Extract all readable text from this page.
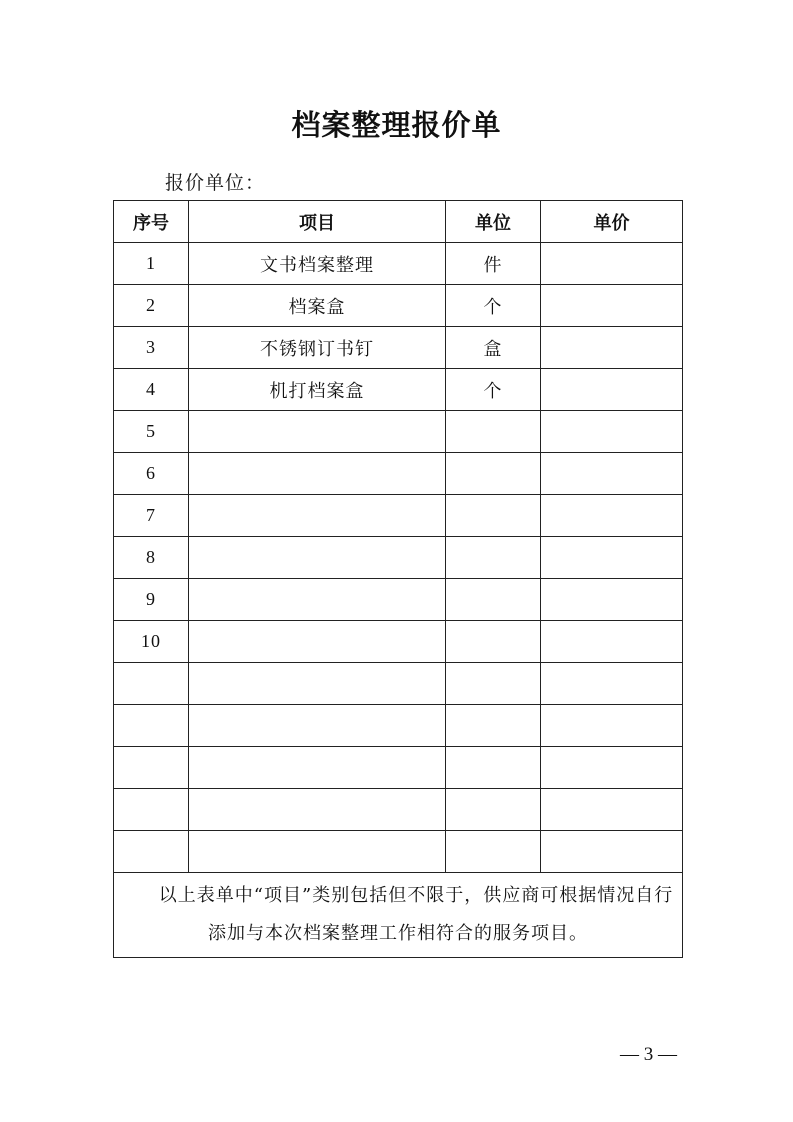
档案整理报价单
报价单位：
序号	项目	单位	单价
1	文书档案整理	件	
2	档案盒	个	
3	不锈钢订书钉	盒	
4	机打档案盒	个	
5			
6			
7			
8			
9			
10			

以上表单中“项目”类别包括但不限于，供应商可根据情况自行添加与本次档案整理工作相符合的服务项目。			
— 3 —
